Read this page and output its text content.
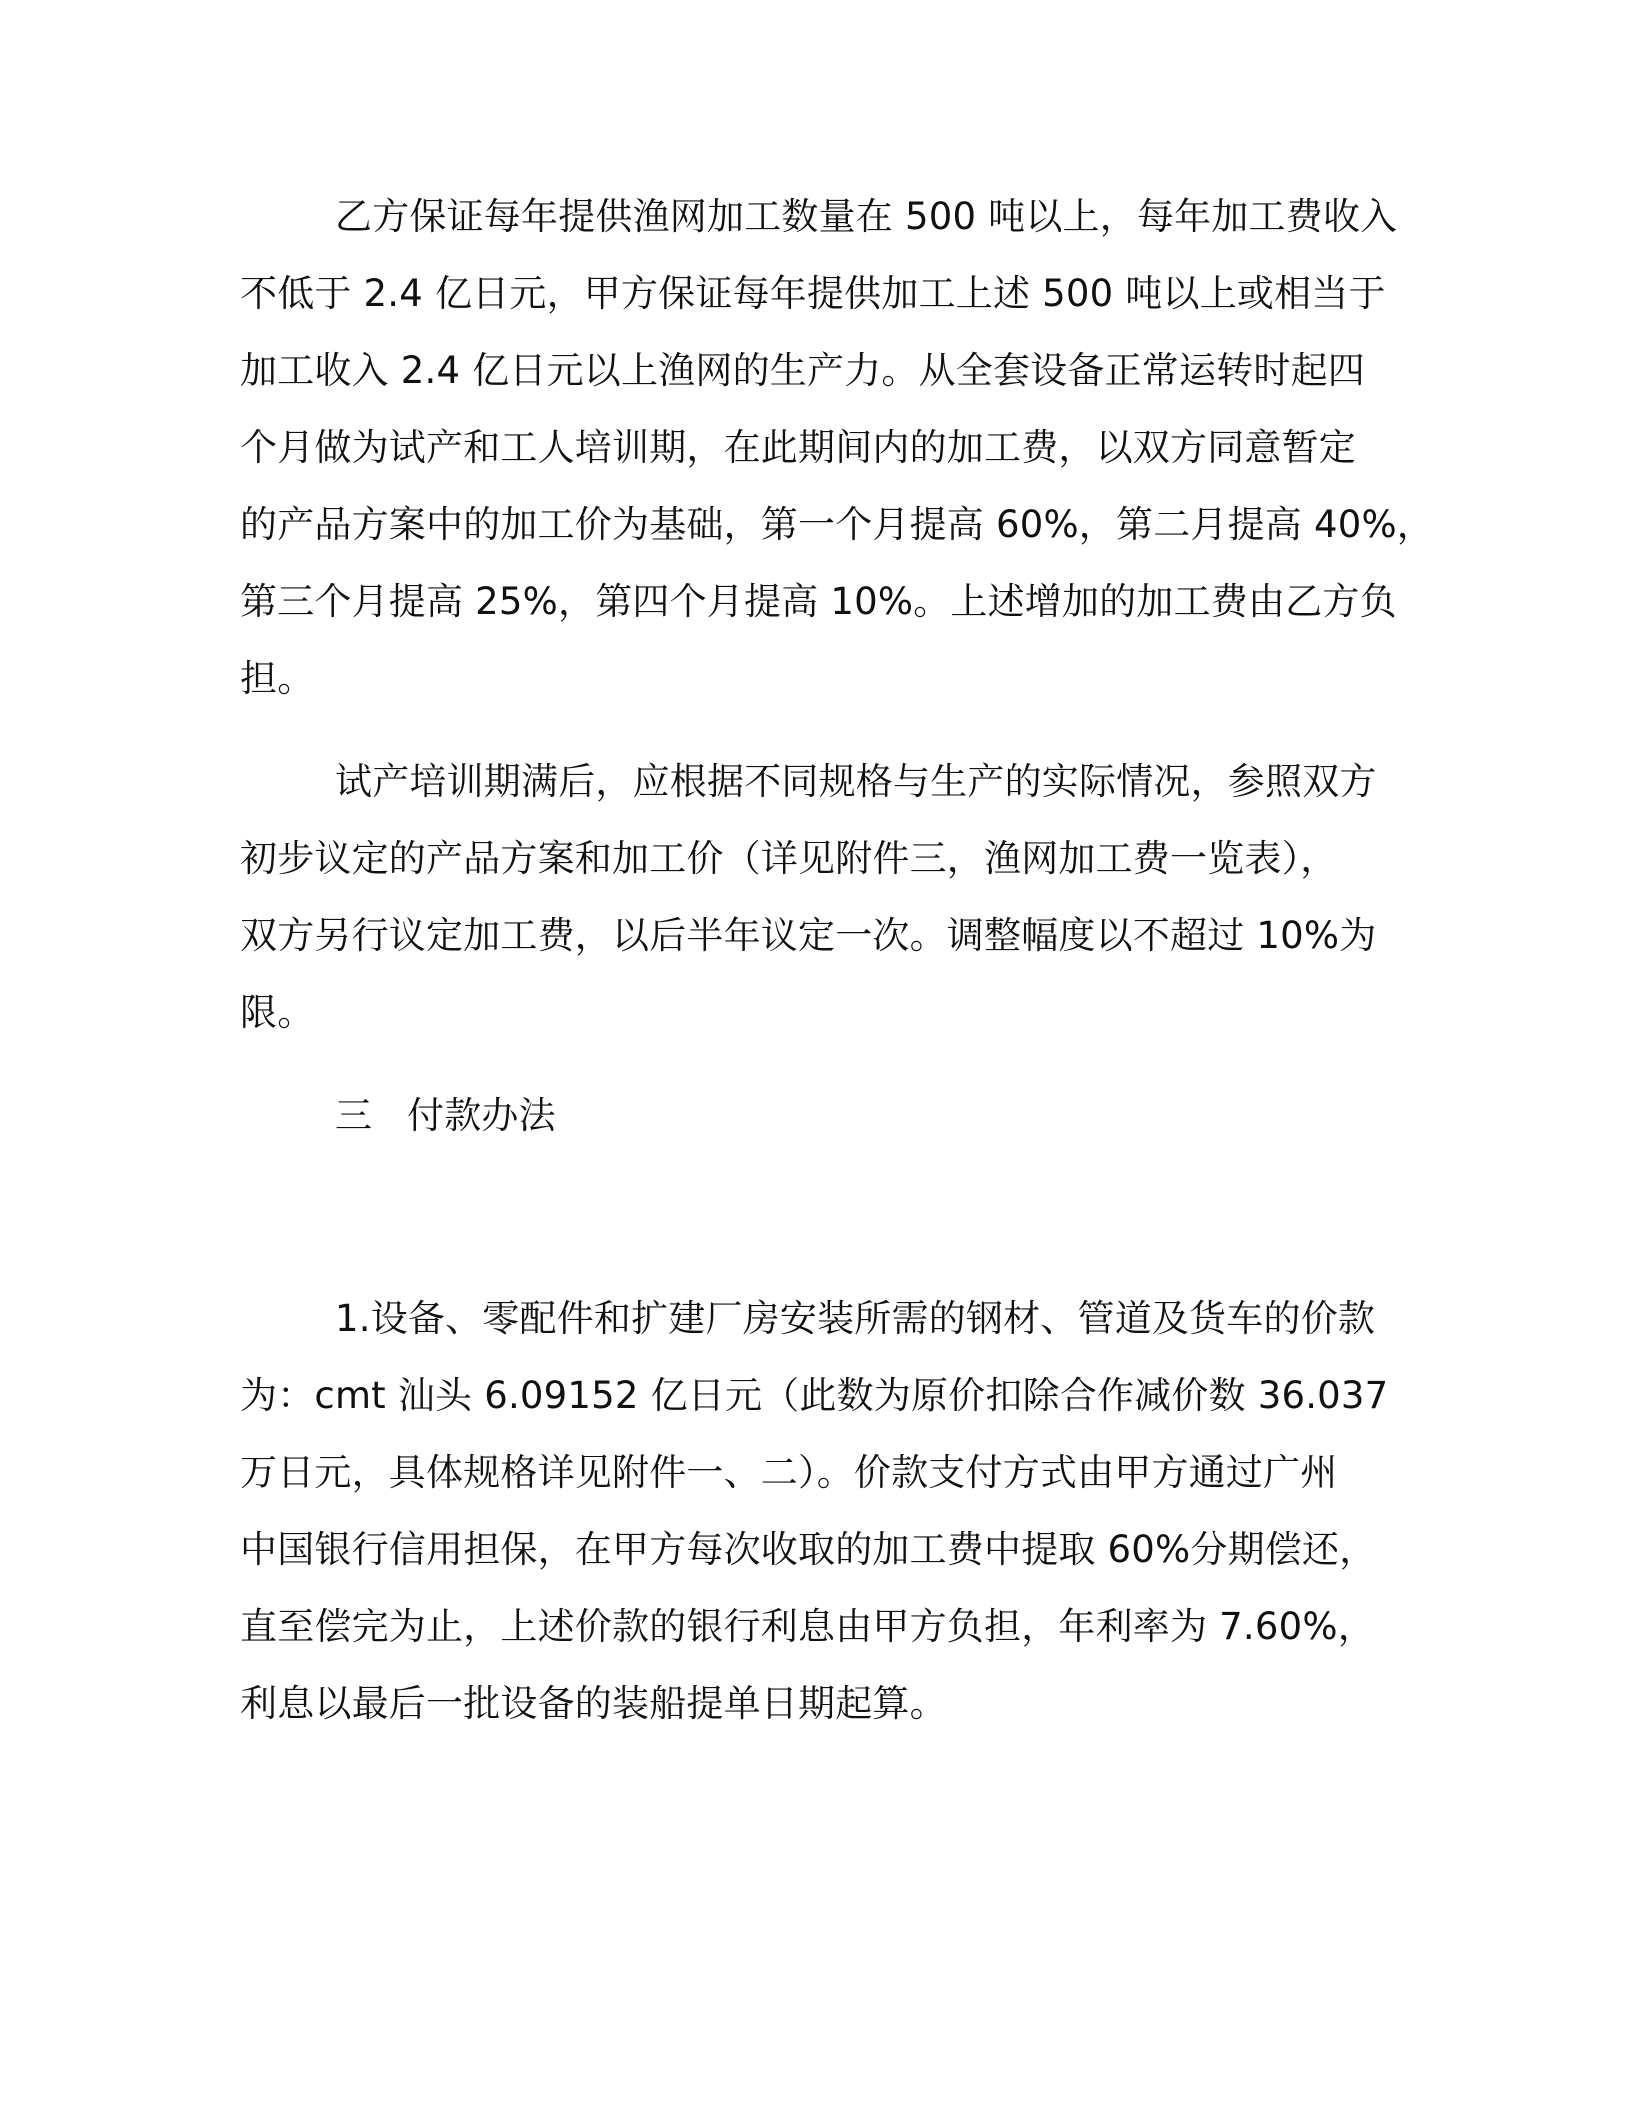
乙方保证每年提供渔网加工数量在 500 吨以上，每年加工费收入
不低于 2.4 亿日元，甲方保证每年提供加工上述 500 吨以上或相当于
加工收入 2.4 亿日元以上渔网的生产力。从全套设备正常运转时起四
个月做为试产和工人培训期，在此期间内的加工费，以双方同意暂定
的产品方案中的加工价为基础，第一个月提高 60%，第二月提高 40%，
第三个月提高 25%，第四个月提高 10%。上述增加的加工费由乙方负
担。
试产培训期满后，应根据不同规格与生产的实际情况，参照双方
初步议定的产品方案和加工价（详见附件三，渔网加工费一览表），
双方另行议定加工费，以后半年议定一次。调整幅度以不超过 10%为
限。
三 付款办法
1.设备、零配件和扩建厂房安装所需的钢材、管道及货车的价款
为：cmt 汕头 6.09152 亿日元（此数为原价扣除合作减价数 36.037
万日元，具体规格详见附件一、二）。价款支付方式由甲方通过广州
中国银行信用担保，在甲方每次收取的加工费中提取 60%分期偿还，
直至偿完为止，上述价款的银行利息由甲方负担，年利率为 7.60%，
利息以最后一批设备的装船提单日期起算。
